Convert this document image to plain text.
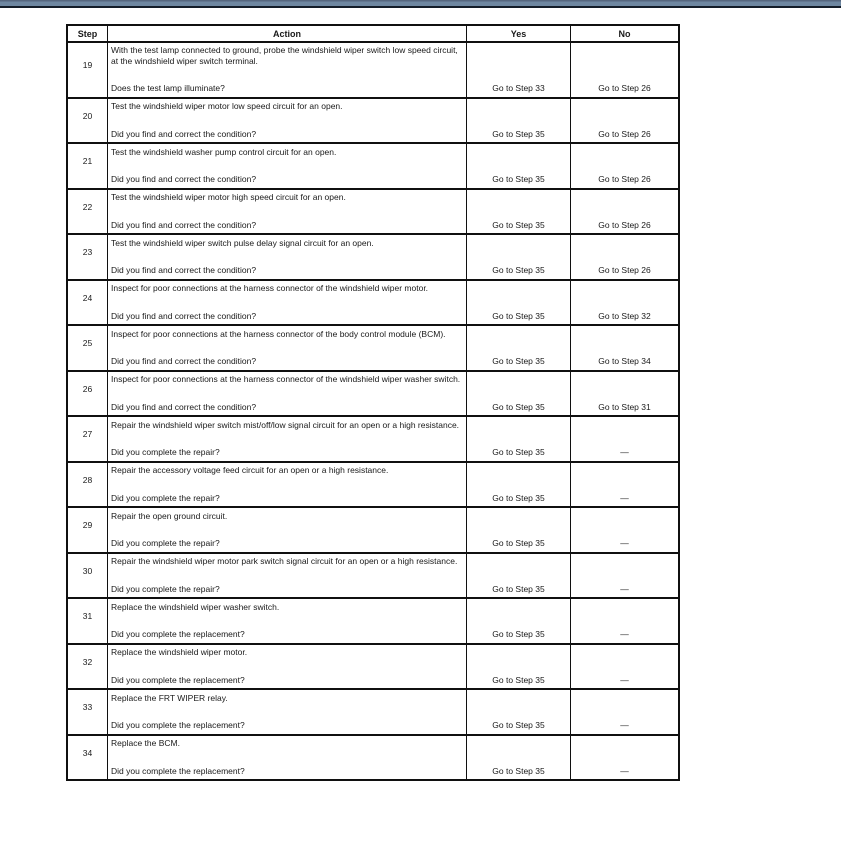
Step	Action	Yes	No
19
With the test lamp connected to ground, probe the windshield wiper switch low speed circuit, at the windshield wiper switch terminal.
Does the test lamp illuminate?	Go to Step 33	Go to Step 26
20
Test the windshield wiper motor low speed circuit for an open.
Did you find and correct the condition?	Go to Step 35	Go to Step 26
21
Test the windshield washer pump control circuit for an open.
Did you find and correct the condition?	Go to Step 35	Go to Step 26
22
Test the windshield wiper motor high speed circuit for an open.
Did you find and correct the condition?	Go to Step 35	Go to Step 26
23
Test the windshield wiper switch pulse delay signal circuit for an open.
Did you find and correct the condition?	Go to Step 35	Go to Step 26
24
Inspect for poor connections at the harness connector of the windshield wiper motor.
Did you find and correct the condition?	Go to Step 35	Go to Step 32
25
Inspect for poor connections at the harness connector of the body control module (BCM).
Did you find and correct the condition?	Go to Step 35	Go to Step 34
26
Inspect for poor connections at the harness connector of the windshield wiper washer switch.
Did you find and correct the condition?	Go to Step 35	Go to Step 31
27
Repair the windshield wiper switch mist/off/low signal circuit for an open or a high resistance.
Did you complete the repair?	Go to Step 35	—
28
Repair the accessory voltage feed circuit for an open or a high resistance.
Did you complete the repair?	Go to Step 35	—
29
Repair the open ground circuit.
Did you complete the repair?	Go to Step 35	—
30
Repair the windshield wiper motor park switch signal circuit for an open or a high resistance.
Did you complete the repair?	Go to Step 35	—
31
Replace the windshield wiper washer switch.
Did you complete the replacement?	Go to Step 35	—
32
Replace the windshield wiper motor.
Did you complete the replacement?	Go to Step 35	—
33
Replace the FRT WIPER relay.
Did you complete the replacement?	Go to Step 35	—
34
Replace the BCM.
Did you complete the replacement?	Go to Step 35	—
